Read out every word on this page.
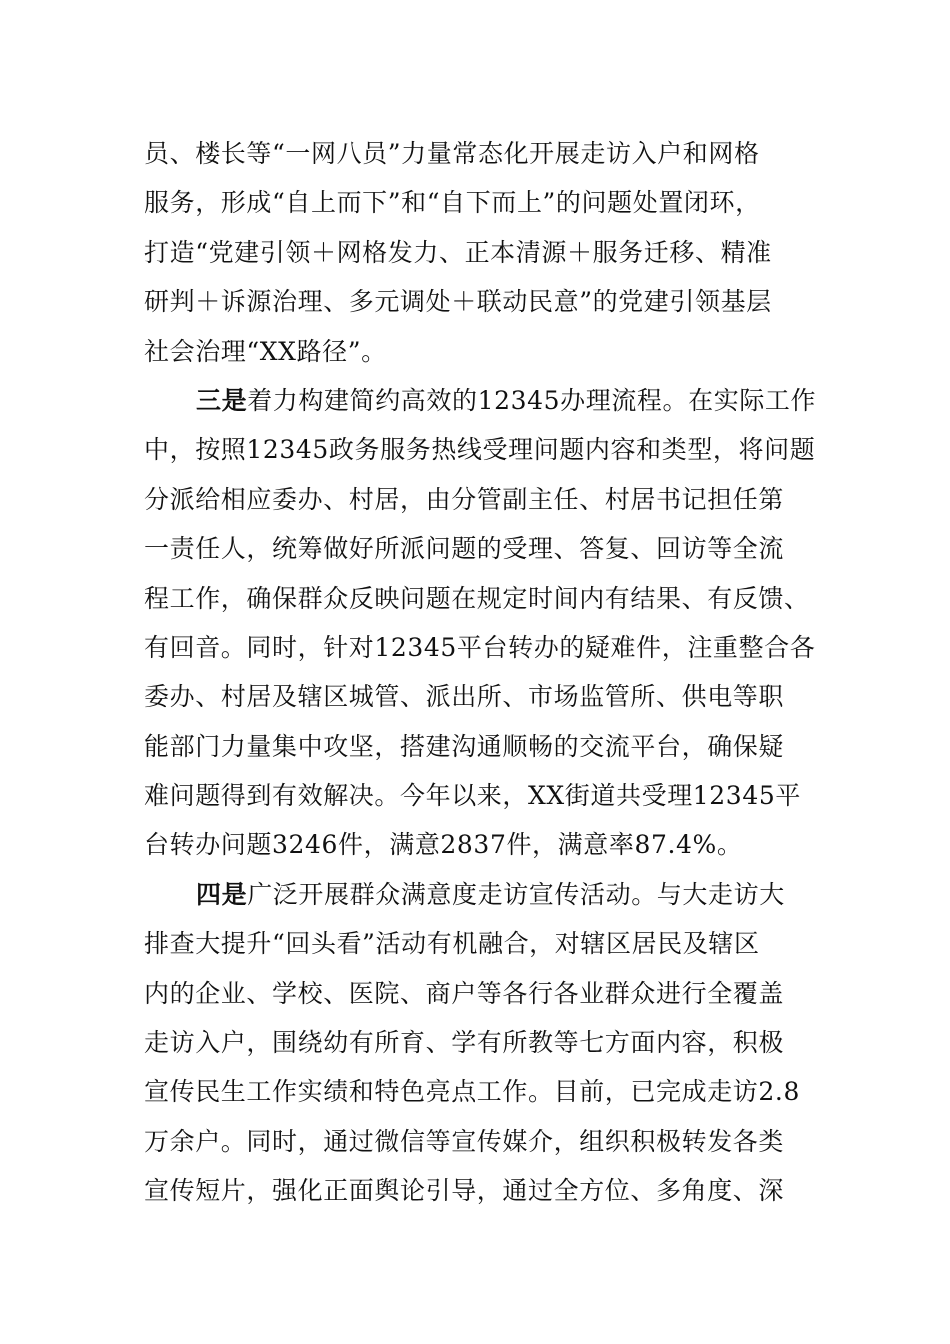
员、楼长等“一网八员”力量常态化开展走访入户和网格
服务，形成“自上而下”和“自下而上”的问题处置闭环，
打造“党建引领＋网格发力、正本清源＋服务迁移、精准
研判＋诉源治理、多元调处＋联动民意”的党建引领基层
社会治理“XX路径”。
三是着力构建简约高效的12345办理流程。在实际工作
中，按照12345政务服务热线受理问题内容和类型，将问题
分派给相应委办、村居，由分管副主任、村居书记担任第
一责任人，统筹做好所派问题的受理、答复、回访等全流
程工作，确保群众反映问题在规定时间内有结果、有反馈、
有回音。同时，针对12345平台转办的疑难件，注重整合各
委办、村居及辖区城管、派出所、市场监管所、供电等职
能部门力量集中攻坚，搭建沟通顺畅的交流平台，确保疑
难问题得到有效解决。今年以来，XX街道共受理12345平
台转办问题3246件，满意2837件，满意率87.4%。
四是广泛开展群众满意度走访宣传活动。与大走访大
排查大提升“回头看”活动有机融合，对辖区居民及辖区
内的企业、学校、医院、商户等各行各业群众进行全覆盖
走访入户，围绕幼有所育、学有所教等七方面内容，积极
宣传民生工作实绩和特色亮点工作。目前，已完成走访2.8
万余户。同时，通过微信等宣传媒介，组织积极转发各类
宣传短片，强化正面舆论引导，通过全方位、多角度、深
